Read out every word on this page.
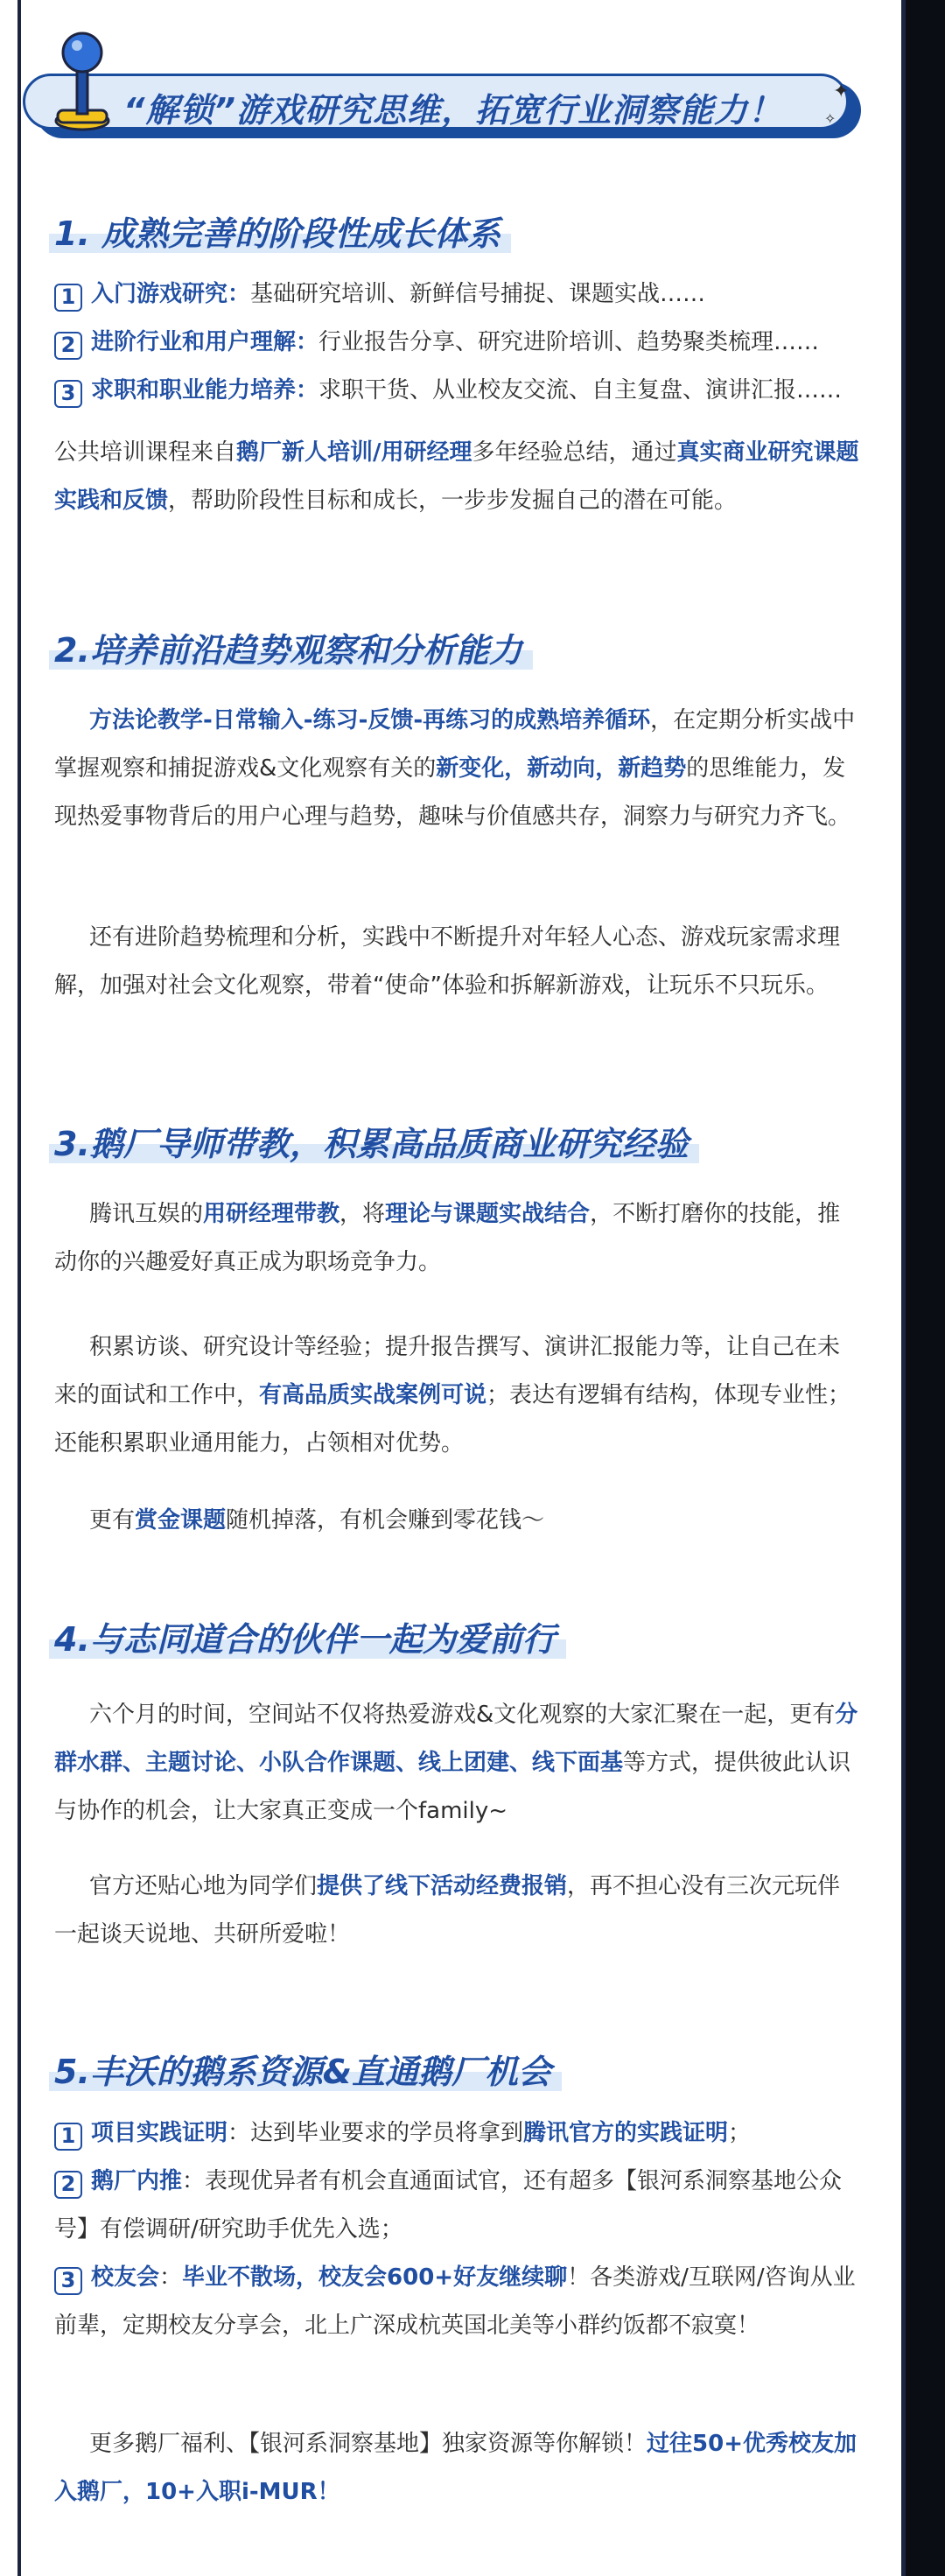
“解锁”游戏研究思维，拓宽行业洞察能力！	✦
✧
1. 成熟完善的阶段性成长体系
1 入门游戏研究：基础研究培训、新鲜信号捕捉、课题实战……
2 进阶行业和用户理解：行业报告分享、研究进阶培训、趋势聚类梳理……
3 求职和职业能力培养：求职干货、从业校友交流、自主复盘、演讲汇报……
公共培训课程来自鹅厂新人培训/用研经理多年经验总结，通过真实商业研究课题实践和反馈，帮助阶段性目标和成长，一步步发掘自己的潜在可能。
2.培养前沿趋势观察和分析能力
方法论教学-日常输入-练习-反馈-再练习的成熟培养循环，在定期分析实战中掌握观察和捕捉游戏&文化观察有关的新变化，新动向，新趋势的思维能力，发现热爱事物背后的用户心理与趋势，趣味与价值感共存，洞察力与研究力齐飞。
还有进阶趋势梳理和分析，实践中不断提升对年轻人心态、游戏玩家需求理解，加强对社会文化观察，带着“使命”体验和拆解新游戏，让玩乐不只玩乐。
3.鹅厂导师带教，积累高品质商业研究经验
腾讯互娱的用研经理带教，将理论与课题实战结合，不断打磨你的技能，推动你的兴趣爱好真正成为职场竞争力。
积累访谈、研究设计等经验；提升报告撰写、演讲汇报能力等，让自己在未来的面试和工作中，有高品质实战案例可说；表达有逻辑有结构，体现专业性；还能积累职业通用能力，占领相对优势。
更有赏金课题随机掉落，有机会赚到零花钱～
4.与志同道合的伙伴一起为爱前行
六个月的时间，空间站不仅将热爱游戏&文化观察的大家汇聚在一起，更有分群水群、主题讨论、小队合作课题、线上团建、线下面基等方式，提供彼此认识与协作的机会，让大家真正变成一个family~
官方还贴心地为同学们提供了线下活动经费报销，再不担心没有三次元玩伴一起谈天说地、共研所爱啦！
5.丰沃的鹅系资源&直通鹅厂机会
1 项目实践证明：达到毕业要求的学员将拿到腾讯官方的实践证明；
2 鹅厂内推：表现优异者有机会直通面试官，还有超多【银河系洞察基地公众号】有偿调研/研究助手优先入选；
3 校友会：毕业不散场，校友会600+好友继续聊！各类游戏/互联网/咨询从业前辈，定期校友分享会，北上广深成杭英国北美等小群约饭都不寂寞！
更多鹅厂福利、【银河系洞察基地】独家资源等你解锁！过往50+优秀校友加入鹅厂，10+入职i-MUR！
